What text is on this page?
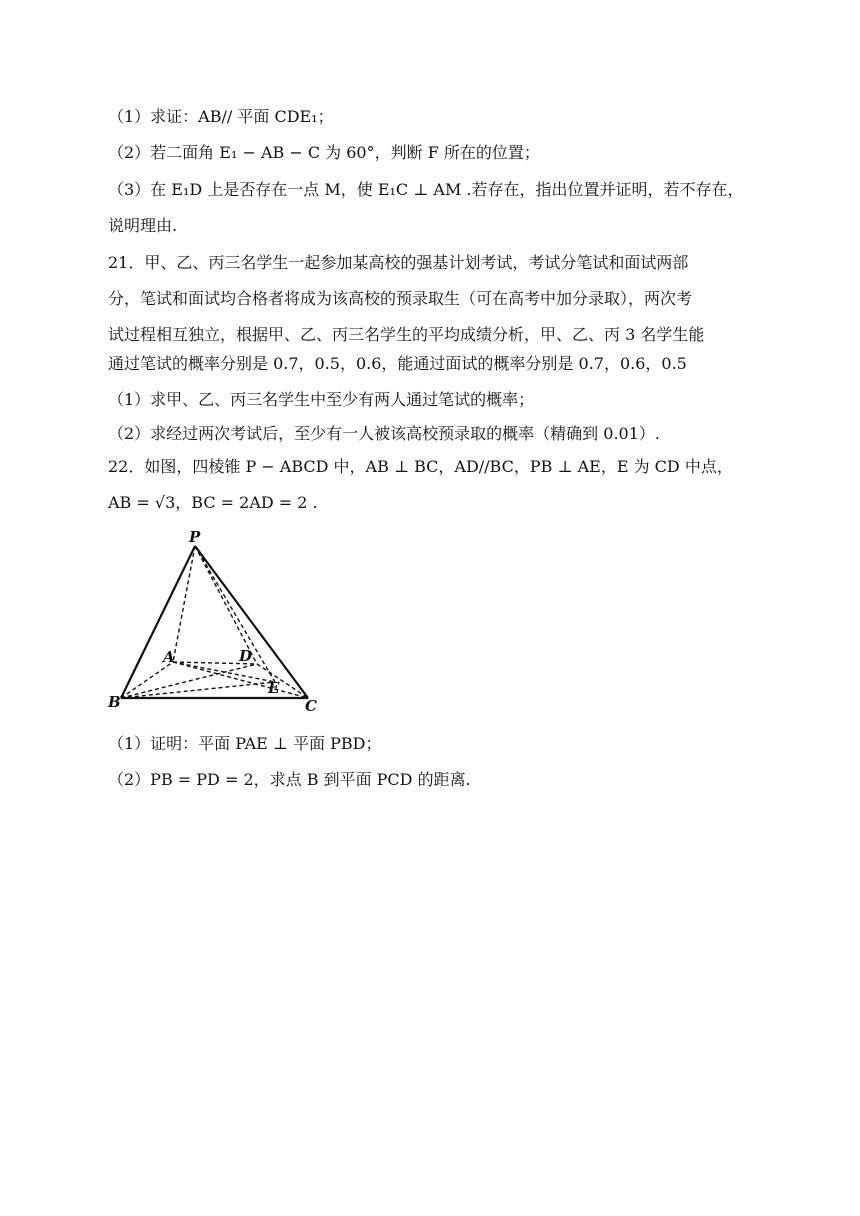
（1）求证：AB// 平面 CDE₁；
（2）若二面角 E₁ − AB − C 为 60°，判断 F 所在的位置；
（3）在 E₁D 上是否存在一点 M，使 E₁C ⊥ AM .若存在，指出位置并证明，若不存在，
说明理由.
21．甲、乙、丙三名学生一起参加某高校的强基计划考试，考试分笔试和面试两部
分，笔试和面试均合格者将成为该高校的预录取生（可在高考中加分录取），两次考
试过程相互独立，根据甲、乙、丙三名学生的平均成绩分析，甲、乙、丙 3 名学生能
通过笔试的概率分别是 0.7，0.5，0.6，能通过面试的概率分别是 0.7，0.6，0.5
（1）求甲、乙、丙三名学生中至少有两人通过笔试的概率；
（2）求经过两次考试后，至少有一人被该高校预录取的概率（精确到 0.01）.
22．如图，四棱锥 P − ABCD 中，AB ⊥ BC，AD//BC，PB ⊥ AE，E 为 CD 中点，
AB = √3，BC = 2AD = 2 .
P
A	D
E
B	C
（1）证明：平面 PAE ⊥ 平面 PBD；
（2）PB = PD = 2，求点 B 到平面 PCD 的距离.
